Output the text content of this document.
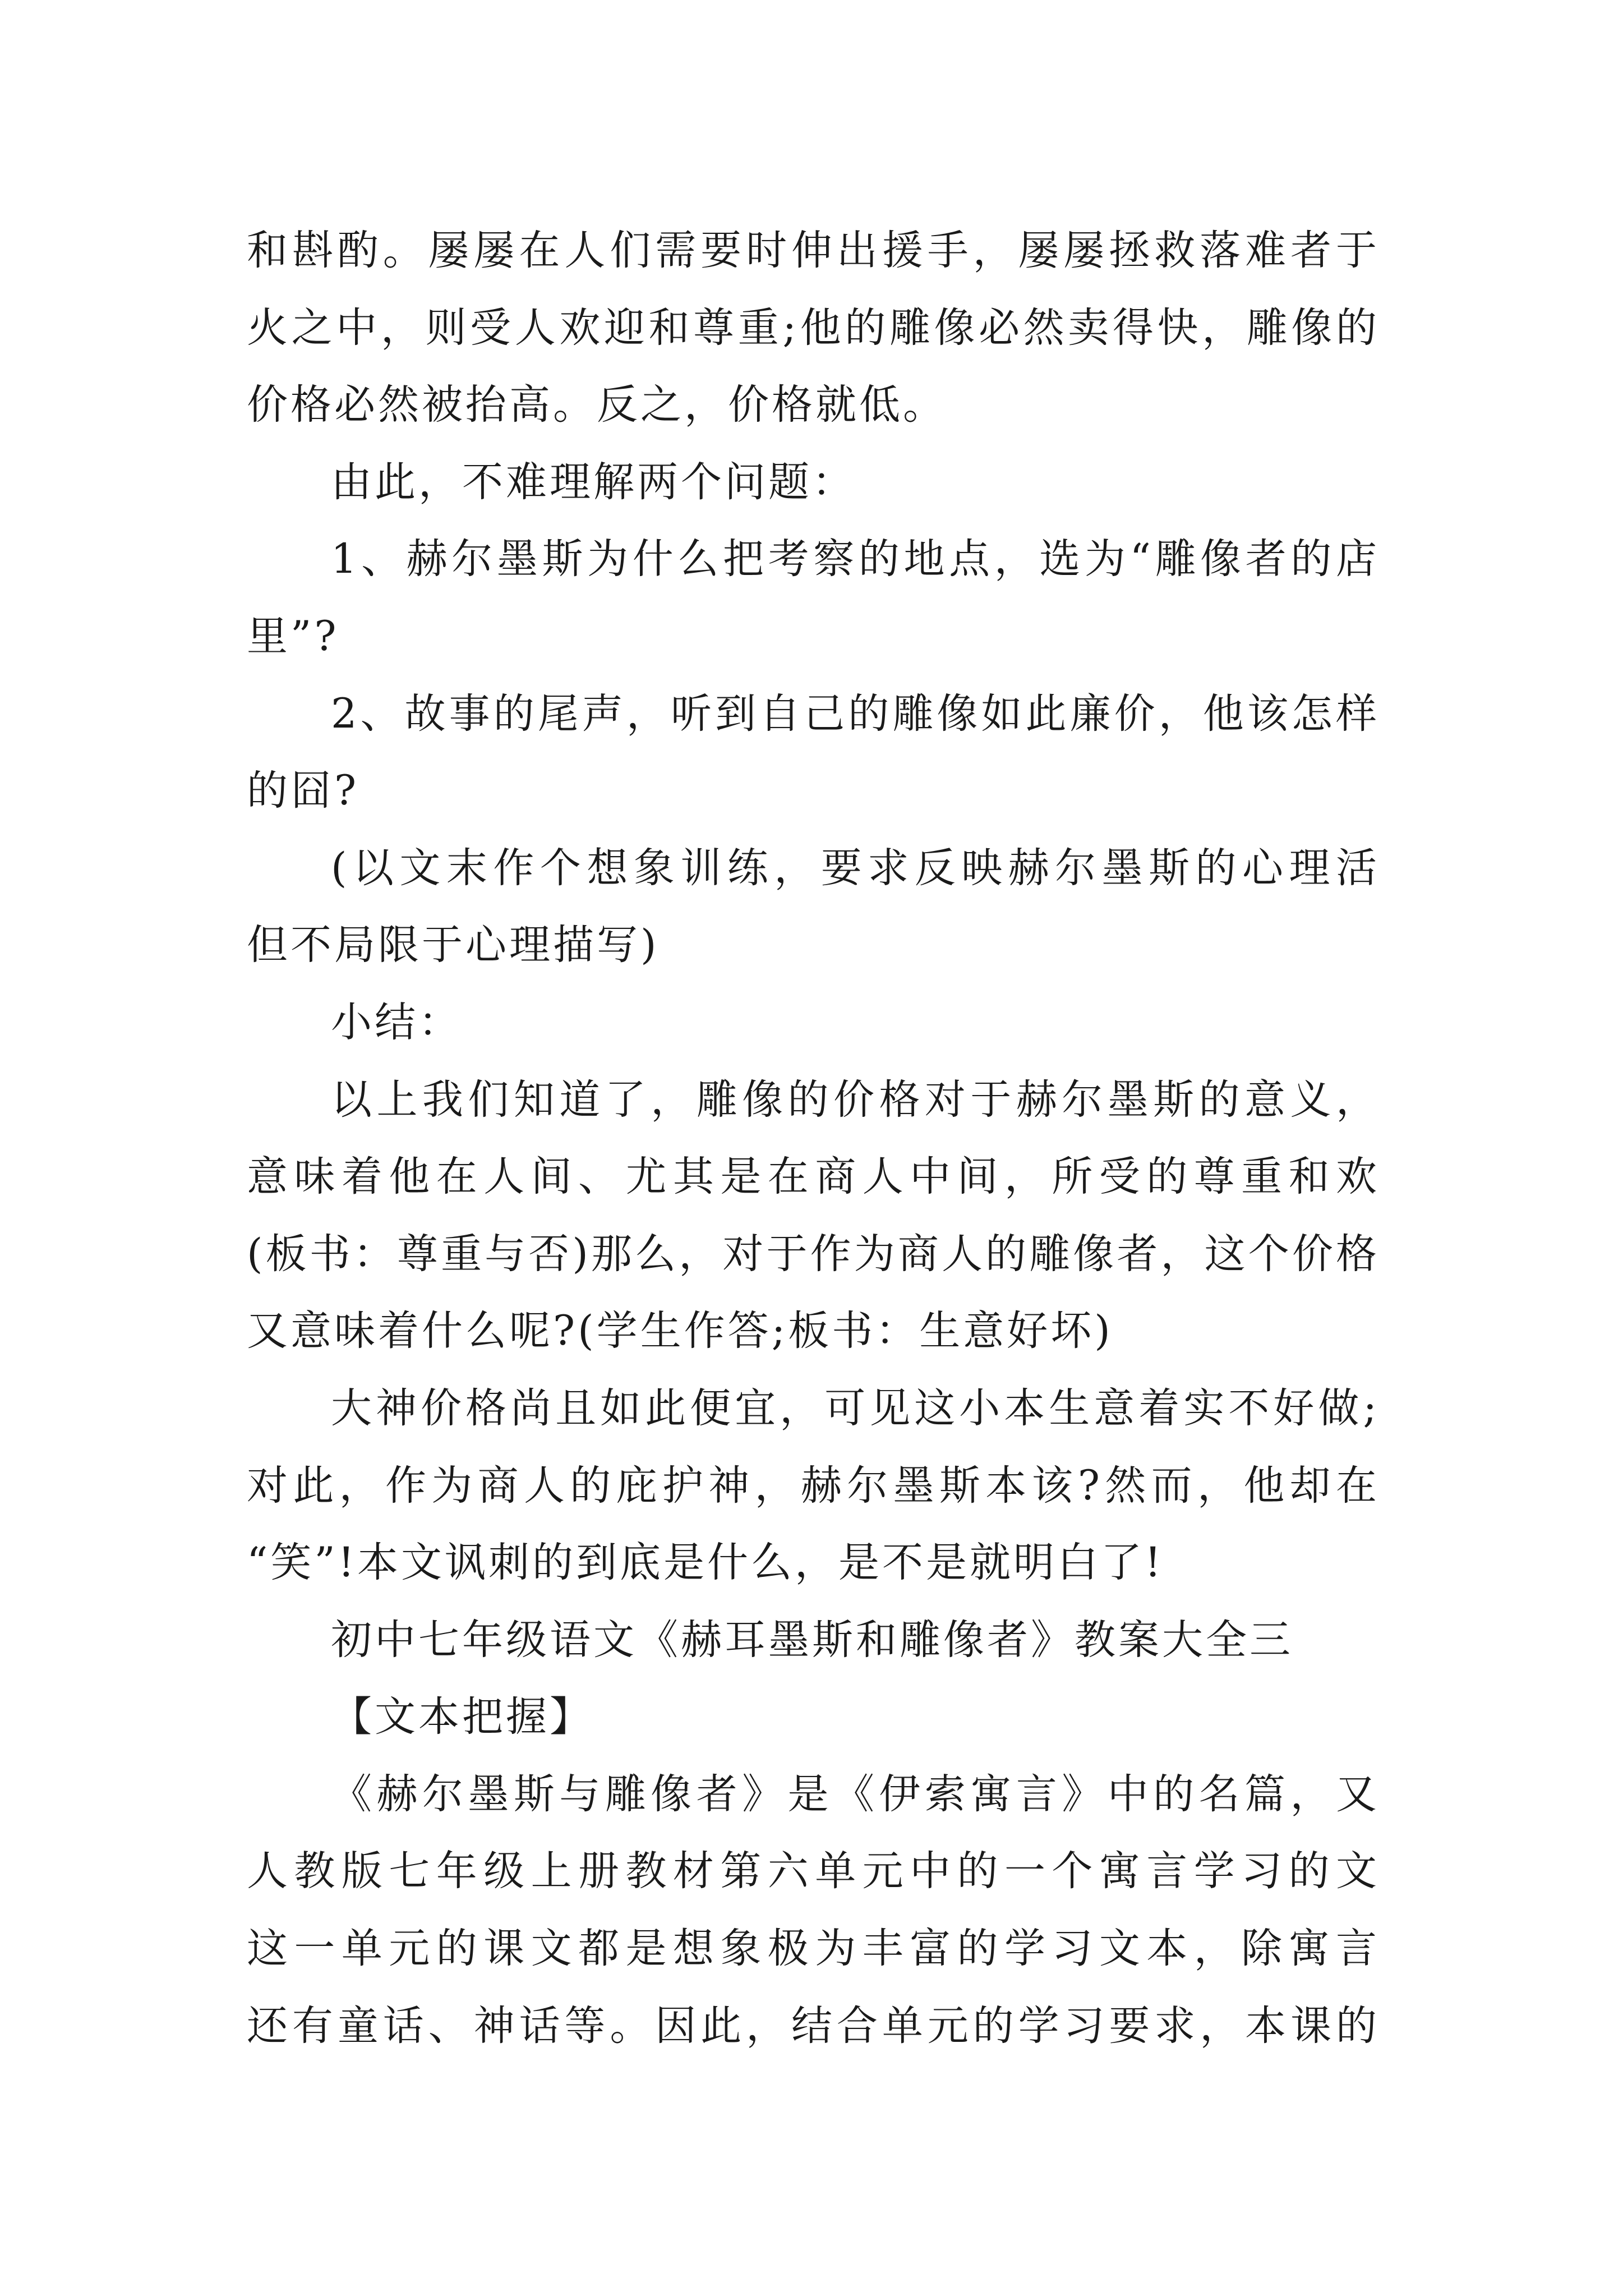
和斟酌。屡屡在人们需要时伸出援手，屡屡拯救落难者于
火之中，则受人欢迎和尊重;他的雕像必然卖得快，雕像的
价格必然被抬高。反之，价格就低。
由此，不难理解两个问题：
1、赫尔墨斯为什么把考察的地点，选为“雕像者的店
里”?
2、故事的尾声，听到自己的雕像如此廉价，他该怎样
的囧?
(以文末作个想象训练，要求反映赫尔墨斯的心理活
但不局限于心理描写)
小结：
以上我们知道了，雕像的价格对于赫尔墨斯的意义，
意味着他在人间、尤其是在商人中间，所受的尊重和欢
(板书：尊重与否)那么，对于作为商人的雕像者，这个价格
又意味着什么呢?(学生作答;板书：生意好坏)
大神价格尚且如此便宜，可见这小本生意着实不好做;
对此，作为商人的庇护神，赫尔墨斯本该?然而，他却在
“笑”!本文讽刺的到底是什么，是不是就明白了!
初中七年级语文《赫耳墨斯和雕像者》教案大全三
【文本把握】
《赫尔墨斯与雕像者》是《伊索寓言》中的名篇，又
人教版七年级上册教材第六单元中的一个寓言学习的文
这一单元的课文都是想象极为丰富的学习文本，除寓言
还有童话、神话等。因此，结合单元的学习要求，本课的
